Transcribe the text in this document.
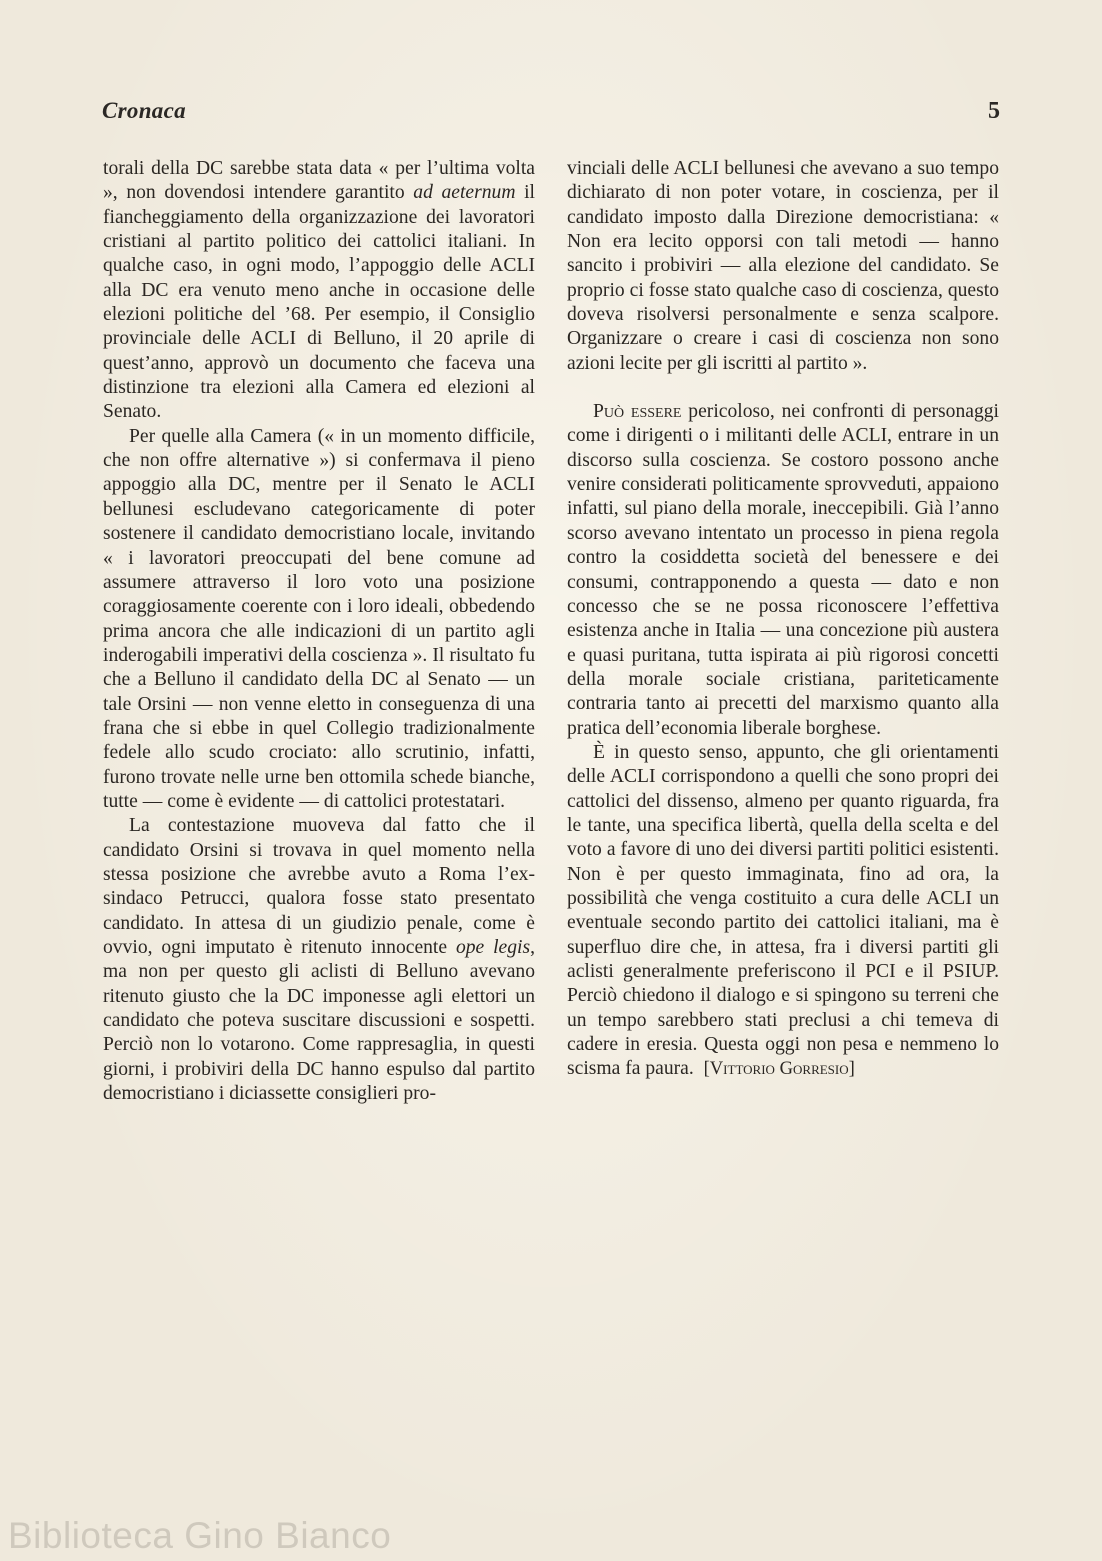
Cronaca	5

torali della DC sarebbe stata data « per l’ultima volta », non dovendosi intendere garantito ad aeternum il fiancheggiamento della organizzazione dei lavoratori cristiani al partito politico dei cattolici italiani. In qualche caso, in ogni modo, l’appoggio delle ACLI alla DC era venuto meno anche in occasione delle elezioni politiche del ’68. Per esempio, il Consiglio provinciale delle ACLI di Belluno, il 20 aprile di quest’anno, approvò un documento che faceva una distinzione tra elezioni alla Camera ed elezioni al Senato.

Per quelle alla Camera (« in un momento difficile, che non offre alternative ») si confermava il pieno appoggio alla DC, mentre per il Senato le ACLI bellunesi escludevano categoricamente di poter sostenere il candidato democristiano locale, invitando « i lavoratori preoccupati del bene comune ad assumere attraverso il loro voto una posizione coraggiosamente coerente con i loro ideali, obbedendo prima ancora che alle indicazioni di un partito agli inderogabili imperativi della coscienza ». Il risultato fu che a Belluno il candidato della DC al Senato — un tale Orsini — non venne eletto in conseguenza di una frana che si ebbe in quel Collegio tradizionalmente fedele allo scudo crociato: allo scrutinio, infatti, furono trovate nelle urne ben ottomila schede bianche, tutte — come è evidente — di cattolici protestatari.

La contestazione muoveva dal fatto che il candidato Orsini si trovava in quel momento nella stessa posizione che avrebbe avuto a Roma l’ex-sindaco Petrucci, qualora fosse stato presentato candidato. In attesa di un giudizio penale, come è ovvio, ogni imputato è ritenuto innocente ope legis, ma non per questo gli aclisti di Belluno avevano ritenuto giusto che la DC imponesse agli elettori un candidato che poteva suscitare discussioni e sospetti. Perciò non lo votarono. Come rappresaglia, in questi giorni, i probiviri della DC hanno espulso dal partito democristiano i diciassette consiglieri pro-

vinciali delle ACLI bellunesi che avevano a suo tempo dichiarato di non poter votare, in coscienza, per il candidato imposto dalla Direzione democristiana: « Non era lecito opporsi con tali metodi — hanno sancito i probiviri — alla elezione del candidato. Se proprio ci fosse stato qualche caso di coscienza, questo doveva risolversi personalmente e senza scalpore. Organizzare o creare i casi di coscienza non sono azioni lecite per gli iscritti al partito ».

Può essere pericoloso, nei confronti di personaggi come i dirigenti o i militanti delle ACLI, entrare in un discorso sulla coscienza. Se costoro possono anche venire considerati politicamente sprovveduti, appaiono infatti, sul piano della morale, ineccepibili. Già l’anno scorso avevano intentato un processo in piena regola contro la cosiddetta società del benessere e dei consumi, contrapponendo a questa — dato e non concesso che se ne possa riconoscere l’effettiva esistenza anche in Italia — una concezione più austera e quasi puritana, tutta ispirata ai più rigorosi concetti della morale sociale cristiana, pariteticamente contraria tanto ai precetti del marxismo quanto alla pratica dell’economia liberale borghese.

È in questo senso, appunto, che gli orientamenti delle ACLI corrispondono a quelli che sono propri dei cattolici del dissenso, almeno per quanto riguarda, fra le tante, una specifica libertà, quella della scelta e del voto a favore di uno dei diversi partiti politici esistenti. Non è per questo immaginata, fino ad ora, la possibilità che venga costituito a cura delle ACLI un eventuale secondo partito dei cattolici italiani, ma è superfluo dire che, in attesa, fra i diversi partiti gli aclisti generalmente preferiscono il PCI e il PSIUP. Perciò chiedono il dialogo e si spingono su terreni che un tempo sarebbero stati preclusi a chi temeva di cadere in eresia. Questa oggi non pesa e nemmeno lo scisma fa paura. [Vittorio Gorresio]

Biblioteca Gino Bianco
